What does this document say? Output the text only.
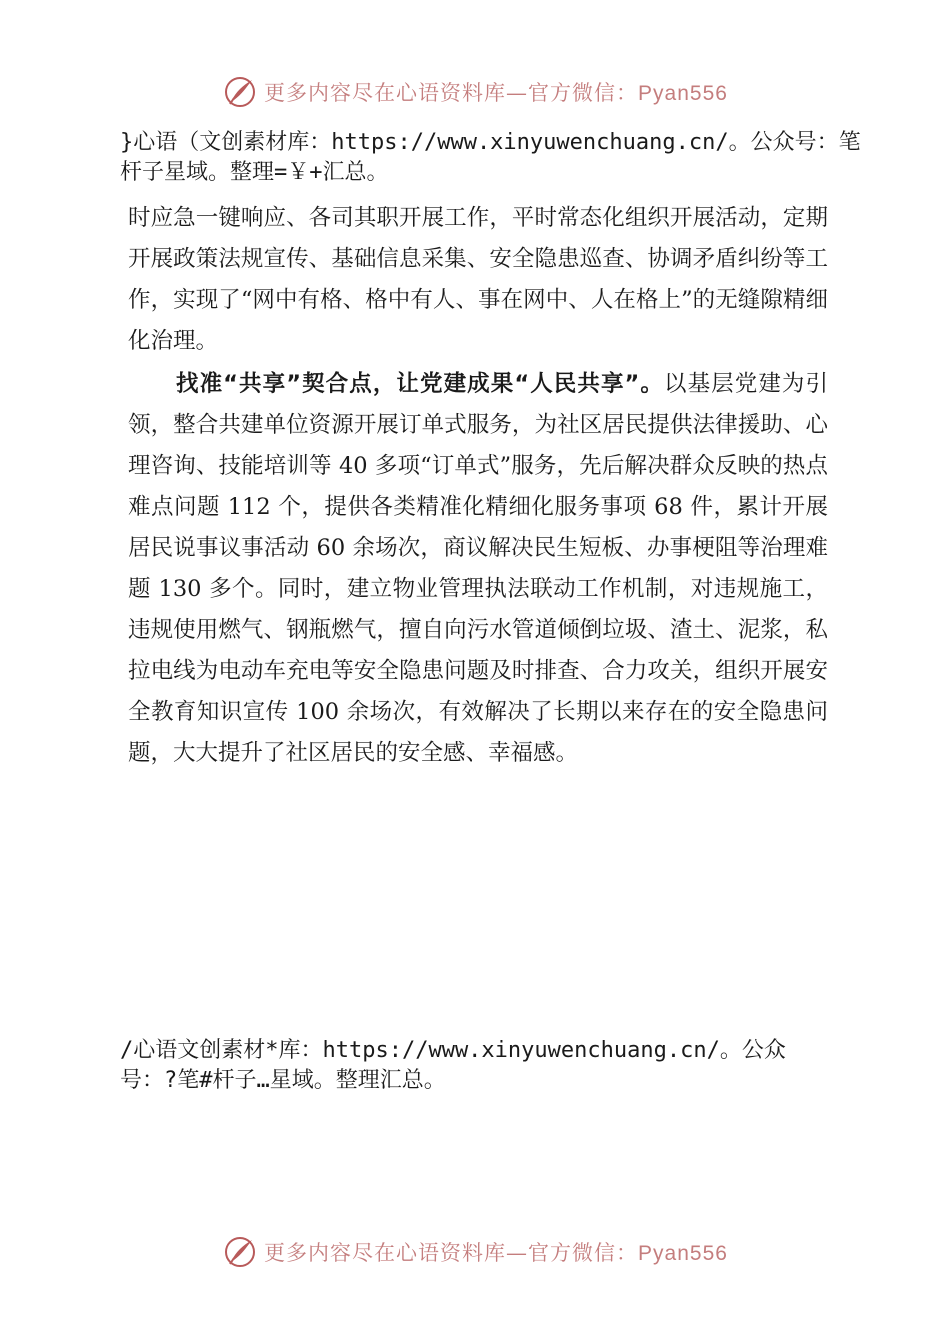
更多内容尽在心语资料库—官方微信：Pyan556
}心语（文创素材库：https://www.xinyuwenchuang.cn/。公众号：笔杆子星域。整理=￥+汇总。
时应急一键响应、各司其职开展工作，平时常态化组织开展活动，定期开展政策法规宣传、基础信息采集、安全隐患巡查、协调矛盾纠纷等工作，实现了“网中有格、格中有人、事在网中、人在格上”的无缝隙精细化治理。
找准“共享”契合点，让党建成果“人民共享”。以基层党建为引领，整合共建单位资源开展订单式服务，为社区居民提供法律援助、心理咨询、技能培训等 40 多项“订单式”服务，先后解决群众反映的热点难点问题 112 个，提供各类精准化精细化服务事项 68 件，累计开展居民说事议事活动 60 余场次，商议解决民生短板、办事梗阻等治理难题 130 多个。同时，建立物业管理执法联动工作机制，对违规施工，违规使用燃气、钢瓶燃气，擅自向污水管道倾倒垃圾、渣土、泥浆，私拉电线为电动车充电等安全隐患问题及时排查、合力攻关，组织开展安全教育知识宣传 100 余场次，有效解决了长期以来存在的安全隐患问题，大大提升了社区居民的安全感、幸福感。
/心语文创素材*库：https://www.xinyuwenchuang.cn/。公众号：?笔#杆子…星域。整理汇总。
更多内容尽在心语资料库—官方微信：Pyan556
